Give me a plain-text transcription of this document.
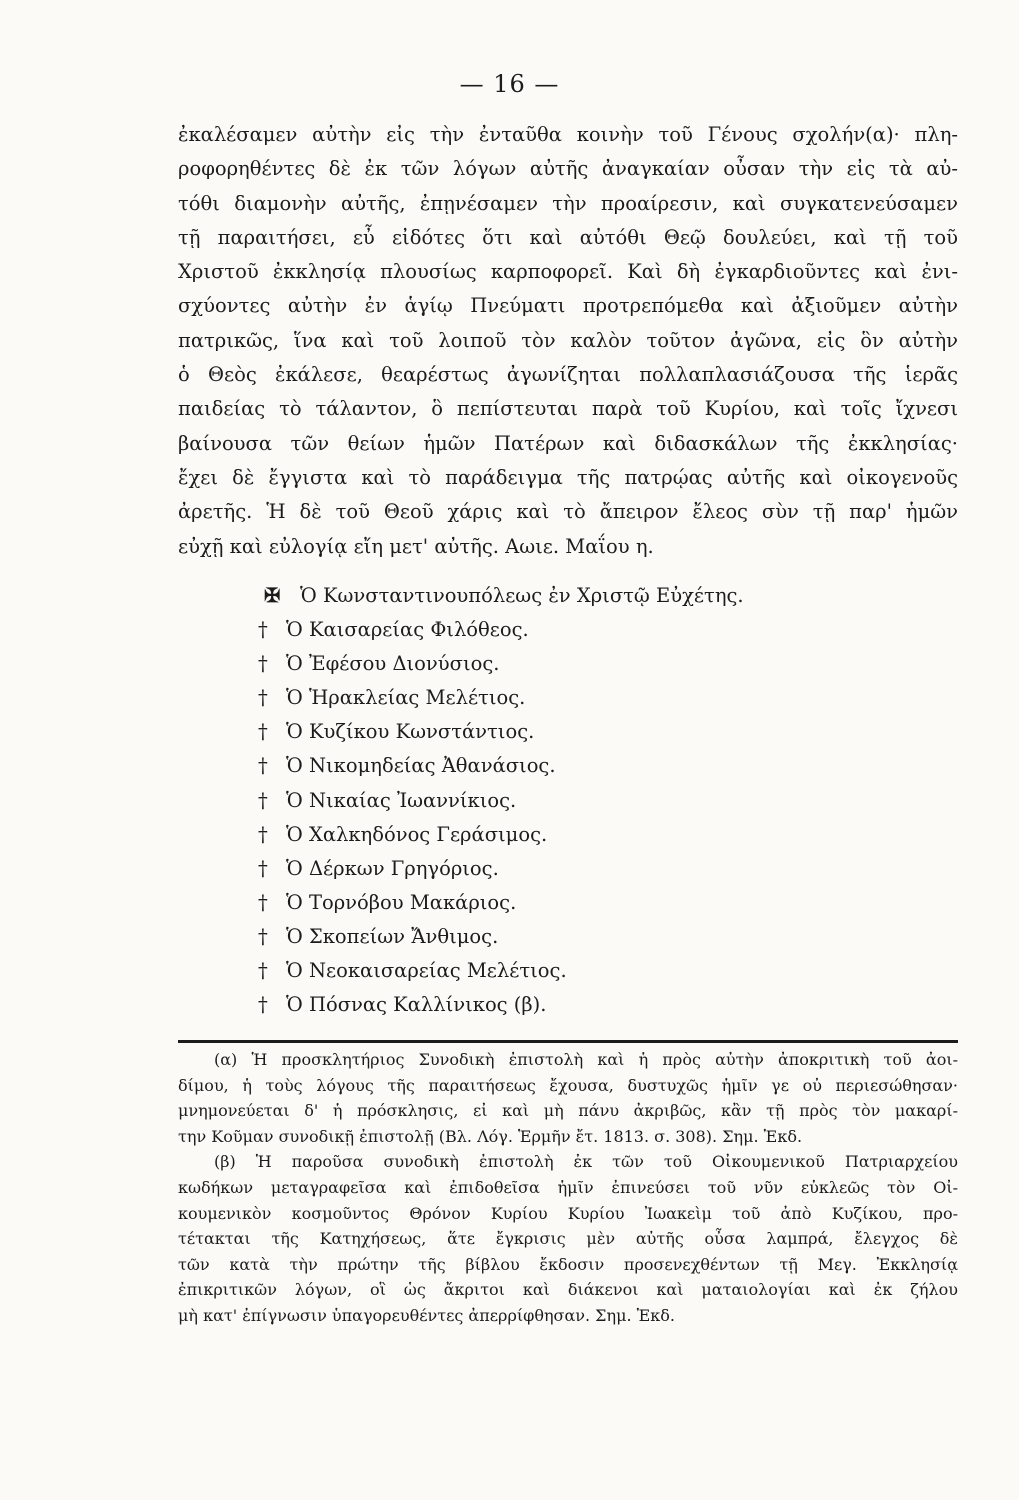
— 16 —
ἐκαλέσαμεν αὐτὴν εἰς τὴν ἐνταῦθα κοινὴν τοῦ Γένους σχολήν(α)· πλη-
ροφορηθέντες δὲ ἐκ τῶν λόγων αὐτῆς ἀναγκαίαν οὖσαν τὴν εἰς τὰ αὐ-
τόθι διαμονὴν αὐτῆς, ἐπῃνέσαμεν τὴν προαίρεσιν, καὶ συγκατενεύσαμεν
τῇ παραιτήσει, εὖ εἰδότες ὅτι καὶ αὐτόθι Θεῷ δουλεύει, καὶ τῇ τοῦ
Χριστοῦ ἐκκλησίᾳ πλουσίως καρποφορεῖ. Καὶ δὴ ἐγκαρδιοῦντες καὶ ἐνι-
σχύοντες αὐτὴν ἐν ἁγίῳ Πνεύματι προτρεπόμεθα καὶ ἀξιοῦμεν αὐτὴν
πατρικῶς, ἵνα καὶ τοῦ λοιποῦ τὸν καλὸν τοῦτον ἀγῶνα, εἰς ὃν αὐτὴν
ὁ Θεὸς ἐκάλεσε, θεαρέστως ἀγωνίζηται πολλαπλασιάζουσα τῆς ἱερᾶς
παιδείας τὸ τάλαντον, ὃ πεπίστευται παρὰ τοῦ Κυρίου, καὶ τοῖς ἴχνεσι
βαίνουσα τῶν θείων ἡμῶν Πατέρων καὶ διδασκάλων τῆς ἐκκλησίας·
ἔχει δὲ ἔγγιστα καὶ τὸ παράδειγμα τῆς πατρῴας αὐτῆς καὶ οἰκογενοῦς
ἀρετῆς. Ἡ δὲ τοῦ Θεοῦ χάρις καὶ τὸ ἄπειρον ἔλεος σὺν τῇ παρ' ἡμῶν
εὐχῇ καὶ εὐλογίᾳ εἴη μετ' αὐτῆς. Αωιε. Μαΐου η.
✠ Ὁ Κωνσταντινουπόλεως ἐν Χριστῷ Εὐχέτης.
† Ὁ Καισαρείας Φιλόθεος.
† Ὁ Ἐφέσου Διονύσιος.
† Ὁ Ἡρακλείας Μελέτιος.
† Ὁ Κυζίκου Κωνστάντιος.
† Ὁ Νικομηδείας Ἀθανάσιος.
† Ὁ Νικαίας Ἰωαννίκιος.
† Ὁ Χαλκηδόνος Γεράσιμος.
† Ὁ Δέρκων Γρηγόριος.
† Ὁ Τορνόβου Μακάριος.
† Ὁ Σκοπείων Ἄνθιμος.
† Ὁ Νεοκαισαρείας Μελέτιος.
† Ὁ Πόσνας Καλλίνικος (β).
(α) Ἡ προσκλητήριος Συνοδικὴ ἐπιστολὴ καὶ ἡ πρὸς αὐτὴν ἀποκριτικὴ τοῦ ἀοι-
δίμου, ἡ τοὺς λόγους τῆς παραιτήσεως ἔχουσα, δυστυχῶς ἡμῖν γε οὐ περιεσώθησαν·
μνημονεύεται δ' ἡ πρόσκλησις, εἰ καὶ μὴ πάνυ ἀκριβῶς, κἂν τῇ πρὸς τὸν μακαρί-
την Κοῦμαν συνοδικῇ ἐπιστολῇ (Βλ. Λόγ. Ἑρμῆν ἔτ. 1813. σ. 308). Σημ. Ἐκδ.
(β) Ἡ παροῦσα συνοδικὴ ἐπιστολὴ ἐκ τῶν τοῦ Οἰκουμενικοῦ Πατριαρχείου
κωδήκων μεταγραφεῖσα καὶ ἐπιδοθεῖσα ἡμῖν ἐπινεύσει τοῦ νῦν εὐκλεῶς τὸν Οἰ-
κουμενικὸν κοσμοῦντος Θρόνον Κυρίου Κυρίου Ἰωακεὶμ τοῦ ἀπὸ Κυζίκου, προ-
τέτακται τῆς Κατηχήσεως, ἅτε ἔγκρισις μὲν αὐτῆς οὖσα λαμπρά, ἔλεγχος δὲ
τῶν κατὰ τὴν πρώτην τῆς βίβλου ἔκδοσιν προσενεχθέντων τῇ Μεγ. Ἐκκλησίᾳ
ἐπικριτικῶν λόγων, οἳ ὡς ἄκριτοι καὶ διάκενοι καὶ ματαιολογίαι καὶ ἐκ ζήλου
μὴ κατ' ἐπίγνωσιν ὑπαγορευθέντες ἀπερρίφθησαν. Σημ. Ἐκδ.
